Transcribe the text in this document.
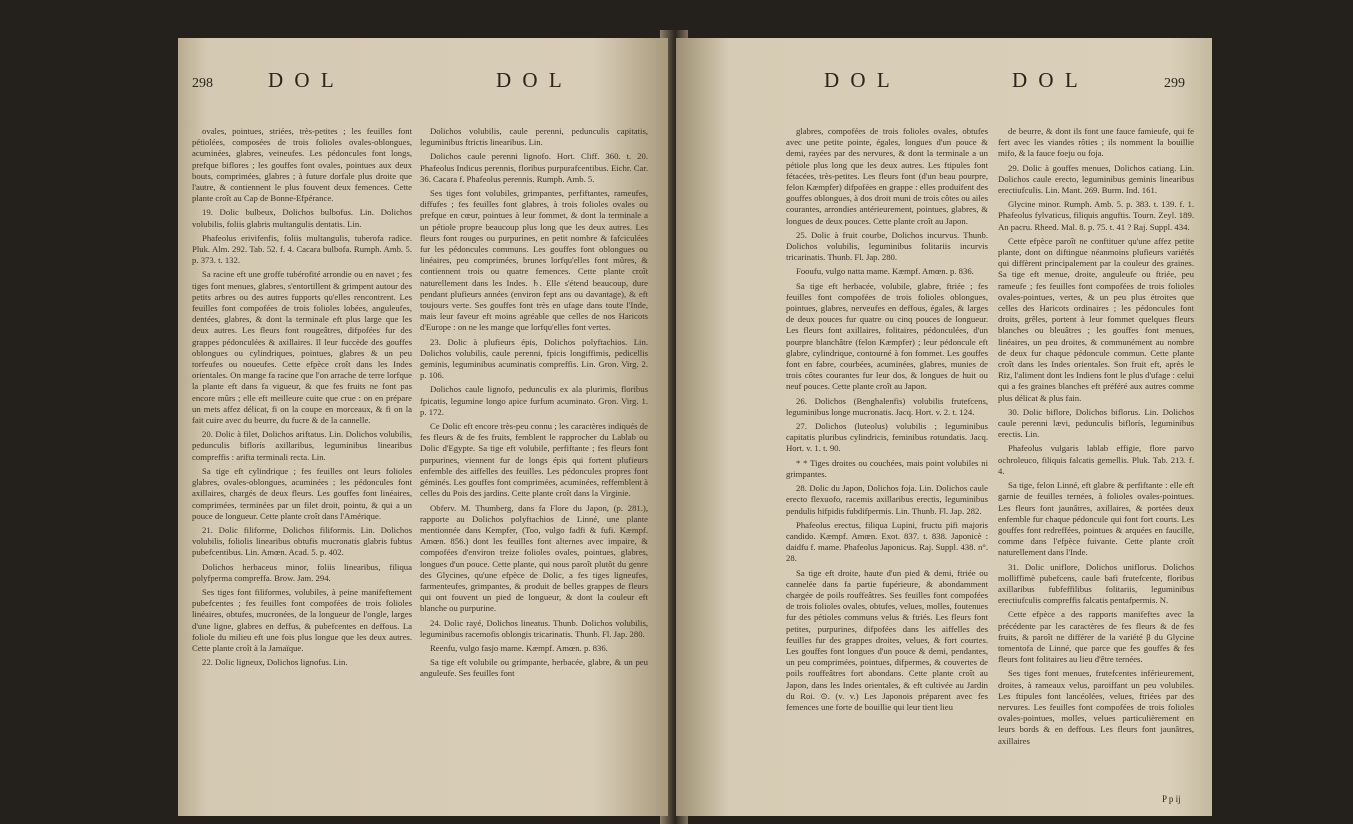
298	D O L	D O L

ovales, pointues, striées, très-petites ; les feuilles font pétiolées, composées de trois folioles ovales-oblongues, acuminées, glabres, veineufes. Les pédoncules font longs, prefque biflores ; les gouffes font ovales, pointues aux deux bouts, comprimées, glabres ; à future dorfale plus droite que l'autre, & contiennent le plus fouvent deux femences. Cette plante croît au Cap de Bonne-Efpérance.

19. Dolic bulbeux, Dolichos bulbofus. Lin. Dolichos volubilis, foliis glabris multangulis dentatis. Lin.

Phafeolus erivifenfis, foliis multangulis, tuberofa radice. Pluk. Alm. 292. Tab. 52. f. 4. Cacara bulbofa. Rumph. Amb. 5. p. 373. t. 132.

Sa racine eft une groffe tubérofité arrondie ou en navet ; fes tiges font menues, glabres, s'entortillent & grimpent autour des petits arbres ou des autres fupports qu'elles rencontrent. Les feuilles font compofées de trois folioles lobées, anguleufes, dentées, glabres, & dont la terminale eft plus large que les deux autres. Les fleurs font rougeâtres, difpofées fur des grappes pédonculées & axillaires. Il leur fuccède des gouffes oblongues ou cylindriques, pointues, glabres & un peu torfeufes ou noueufes. Cette efpèce croît dans les Indes orientales. On mange fa racine que l'on arrache de terre lorfque la plante eft dans fa vigueur, & que fes fruits ne font pas encore mûrs ; elle eft meilleure cuite que crue : on en prépare un mets affez délicat, fi on la coupe en morceaux, & fi on la fait cuire avec du beurre, du fucre & de la cannelle.

20. Dolic à filet, Dolichos ariftatus. Lin. Dolichos volubilis, pedunculis biflorís axillaribus, leguminibus linearibus compreffis : arifta terminali recta. Lin.

Sa tige eft cylindrique ; fes feuilles ont leurs folioles glabres, ovales-oblongues, acuminées ; les pédoncules font axillaires, chargés de deux fleurs. Les gouffes font linéaires, comprimées, terminées par un filet droit, pointu, & qui a un pouce de longueur. Cette plante croît dans l'Amérique.

21. Dolic filiforme, Dolichos filiformis. Lin. Dolichos volubilis, foliolis linearibus obtufis mucronatis glabris fubtus pubefcentibus. Lin. Amœn. Acad. 5. p. 402.

Dolichos herbaceus minor, foliis linearibus, filiqua polyfperma compreffa. Brow. Jam. 294.

Ses tiges font filiformes, volubiles, à peine manifeftement pubefcentes ; fes feuilles font compofées de trois folioles linéaires, obtufes, mucronées, de la longueur de l'ongle, larges d'une ligne, glabres en deffus, & pubefcentes en deffous. La foliole du milieu eft une fois plus longue que les deux autres. Cette plante croît à la Jamaïque.

22. Dolic ligneux, Dolichos lignofus. Lin.

Dolichos volubilis, caule perenni, pedunculis capitatis, leguminibus ftrictis linearibus. Lin.

Dolichos caule perenni lignofo. Hort. Cliff. 360. t. 20. Phafeolus Indicus perennis, floribus purpurafcentibus. Eichr. Car. 36. Cacara f. Phafeolus perennis. Rumph. Amb. 5.

Ses tiges font volubiles, grimpantes, perfiftantes, rameufes, diffufes ; fes feuilles font glabres, à trois folioles ovales ou prefque en cœur, pointues à leur fommet, & dont la terminale a un pétiole propre beaucoup plus long que les deux autres. Les fleurs font rouges ou purpurines, en petit nombre & fafciculées fur les pédoncules communs. Les gouffes font oblongues ou linéaires, peu comprimées, brunes lorfqu'elles font mûres, & contiennent trois ou quatre femences. Cette plante croît naturellement dans les Indes. ♄. Elle s'étend beaucoup, dure pendant plufieurs années (environ fept ans ou davantage), & eft toujours verte. Ses gouffes font très en ufage dans toute l'Inde, mais leur faveur eft moins agréable que celles de nos Haricots d'Europe : on ne les mange que lorfqu'elles font vertes.

23. Dolic à plufieurs épis, Dolichos polyftachios. Lin. Dolichos volubilis, caule perenni, fpicis longiffimis, pedicellis geminis, leguminibus acuminatis compreffis. Lin. Gron. Virg. 2. p. 106.

Dolichos caule lignofo, pedunculis ex ala plurimis, floribus fpicatis, legumine longo apice furfum acuminato. Gron. Virg. 1. p. 172.

Ce Dolic eft encore très-peu connu ; les caractères indiqués de fes fleurs & de fes fruits, femblent le rapprocher du Lablab ou Dolic d'Egypte. Sa tige eft volubile, perfiftante ; fes fleurs font purpurines, viennent fur de longs épis qui fortent plufieurs enfemble des aiffelles des feuilles. Les pédoncules propres font géminés. Les gouffes font comprimées, acuminées, reffemblent à celles du Pois des jardins. Cette plante croît dans la Virginie.

Obferv. M. Thumberg, dans fa Flore du Japon, (p. 281.), rapporte au Dolichos polyftachios de Linné, une plante mentionnée dans Kempfer, (Too, vulgo fadfi & fufi. Kæmpf. Amœn. 856.) dont les feuilles font alternes avec impaire, & compofées d'environ treize folioles ovales, pointues, glabres, longues d'un pouce. Cette plante, qui nous paroît plutôt du genre des Glycines, qu'une efpèce de Dolic, a fes tiges ligneufes, farmenteufes, grimpantes, & produit de belles grappes de fleurs qui ont fouvent un pied de longueur, & dont la couleur eft blanche ou purpurine.

24. Dolic rayé, Dolichos lineatus. Thunb. Dolichos volubilis, leguminibus racemofis oblongis tricarinatis. Thunb. Fl. Jap. 280.

Reenfu, vulgo fasjo mame. Kæmpf. Amœn. p. 836.

Sa tige eft volubile ou grimpante, herbacée, glabre, & un peu anguleufe. Ses feuilles font

D O L	D O L	299

glabres, compofées de trois folioles ovales, obtufes avec une petite pointe, égales, longues d'un pouce & demi, rayées par des nervures, & dont la terminale a un pétiole plus long que les deux autres. Les ftipules font fétacées, très-petites. Les fleurs font (d'un beau pourpre, felon Kæmpfer) difpofées en grappe : elles produifent des gouffes oblongues, à dos droit muni de trois côtes ou ailes courantes, arrondies antérieurement, pointues, glabres, & longues de deux pouces. Cette plante croît au Japon.

25. Dolic à fruit courbe, Dolichos incurvus. Thunb. Dolichos volubilis, leguminibus folitariis incurvis tricarinatis. Thunb. Fl. Jap. 280.

Fooufu, vulgo natta mame. Kæmpf. Amœn. p. 836.

Sa tige eft herbacée, volubile, glabre, ftriée ; fes feuilles font compofées de trois folioles oblongues, pointues, glabres, nerveufes en deffous, égales, & larges de deux pouces fur quatre ou cinq pouces de longueur. Les fleurs font axillaires, folitaires, pédonculées, d'un pourpre blanchâtre (felon Kæmpfer) ; leur pédoncule eft glabre, cylindrique, contourné à fon fommet. Les gouffes font en fabre, courbées, acuminées, glabres, munies de trois côtes courantes fur leur dos, & longues de huit ou neuf pouces. Cette plante croît au Japon.

26. Dolichos (Benghalenfis) volubilis frutefcens, leguminibus longe mucronatis. Jacq. Hort. v. 2. t. 124.

27. Dolichos (luteolus) volubilis ; leguminibus capitatis pluribus cylindricis, feminibus rotundatis. Jacq. Hort. v. 1. t. 90.

* * Tiges droites ou couchées, mais point volubiles ni grimpantes.

28. Dolic du Japon, Dolichos foja. Lin. Dolichos caule erecto flexuofo, racemis axillaribus erectis, leguminibus pendulis hifpidis fubdifpermis. Lin. Thunb. Fl. Jap. 282.

Phafeolus erectus, filiqua Lupini, fructu pifi majoris candido. Kæmpf. Amœn. Exot. 837. t. 838. Japonicè : daidfu f. mame. Phafeolus Japonicus. Raj. Suppl. 438. n°. 28.

Sa tige eft droite, haute d'un pied & demi, ftriée ou cannelée dans fa partie fupérieure, & abondamment chargée de poils rouffeâtres. Ses feuilles font compofées de trois folioles ovales, obtufes, velues, molles, foutenues fur des pétioles communs velus & ftriés. Les fleurs font petites, purpurines, difpofées dans les aiffelles des feuilles fur des grappes droites, velues, & fort courtes. Les gouffes font longues d'un pouce & demi, pendantes, un peu comprimées, pointues, difpermes, & couvertes de poils rouffeâtres fort abondans. Cette plante croît au Japon, dans les Indes orientales, & eft cultivée au Jardin du Roi. ⊙. (v. v.) Les Japonois préparent avec fes femences une forte de bouillie qui leur tient lieu

de beurre, & dont ils font une fauce famieufe, qui fe fert avec les viandes rôties ; ils nomment la bouillie mifo, & la fauce foeju ou foja.

29. Dolic à gouffes menues, Dolichos catiang. Lin. Dolichos caule erecto, leguminibus geminis linearibus erectiufculis. Lin. Mant. 269. Burm. Ind. 161.

Glycine minor. Rumph. Amb. 5. p. 383. t. 139. f. 1. Phafeolus fylvaticus, filiquis anguftis. Tourn. Zeyl. 189. An pacru. Rheed. Mal. 8. p. 75. t. 41 ? Raj. Suppl. 434.

Cette efpèce paroît ne conftituer qu'une affez petite plante, dont on diftingue néanmoins plufieurs variétés qui diffèrent principalement par la couleur des graines. Sa tige eft menue, droite, anguleufe ou ftriée, peu rameufe ; fes feuilles font compofées de trois folioles ovales-pointues, vertes, & un peu plus étroites que celles des Haricots ordinaires ; les pédoncules font droits, grêles, portent à leur fommet quelques fleurs blanches ou bleuâtres ; les gouffes font menues, linéaires, un peu droites, & communément au nombre de deux fur chaque pédoncule commun. Cette plante croît dans les Indes orientales. Son fruit eft, après le Riz, l'aliment dont les Indiens font le plus d'ufage : celui qui a fes graines blanches eft préféré aux autres comme plus délicat & plus fain.

30. Dolic biflore, Dolichos biflorus. Lin. Dolichos caule perenni lævi, pedunculis biflorís, leguminibus erectis. Lin.

Phafeolus vulgaris lablab effigie, flore parvo ochroleuco, filiquis falcatis gemellis. Pluk. Tab. 213. f. 4.

Sa tige, felon Linné, eft glabre & perfiftante : elle eft garnie de feuilles ternées, à folioles ovales-pointues. Les fleurs font jaunâtres, axillaires, & portées deux enfemble fur chaque pédoncule qui font fort courts. Les gouffes font redreffées, pointues & arquées en faucille, comme dans l'efpèce fuivante. Cette plante croît naturellement dans l'Inde.

31. Dolic uniflore, Dolichos uniflorus. Dolichos molliffimè pubefcens, caule bafi frutefcente, floribus axillaribus fubfeffilibus folitariis, leguminibus erectiufculis compreffis falcatis pentafpermis. N.

Cette efpèce a des rapports manifeftes avec la précédente par les caractères de fes fleurs & de fes fruits, & paroît ne différer de la variété β du Glycine tomentofa de Linné, que parce que fes gouffes & fes fleurs font folitaires au lieu d'être ternées.

Ses tiges font menues, frutefcentes inférieurement, droites, à rameaux velus, paroiffant un peu volubiles. Les ftipules font lancéolées, velues, ftriées par des nervures. Les feuilles font compofées de trois folioles ovales-pointues, molles, velues particulièrement en leurs bords & en deffous. Les fleurs font jaunâtres, axillaires

P p ij
